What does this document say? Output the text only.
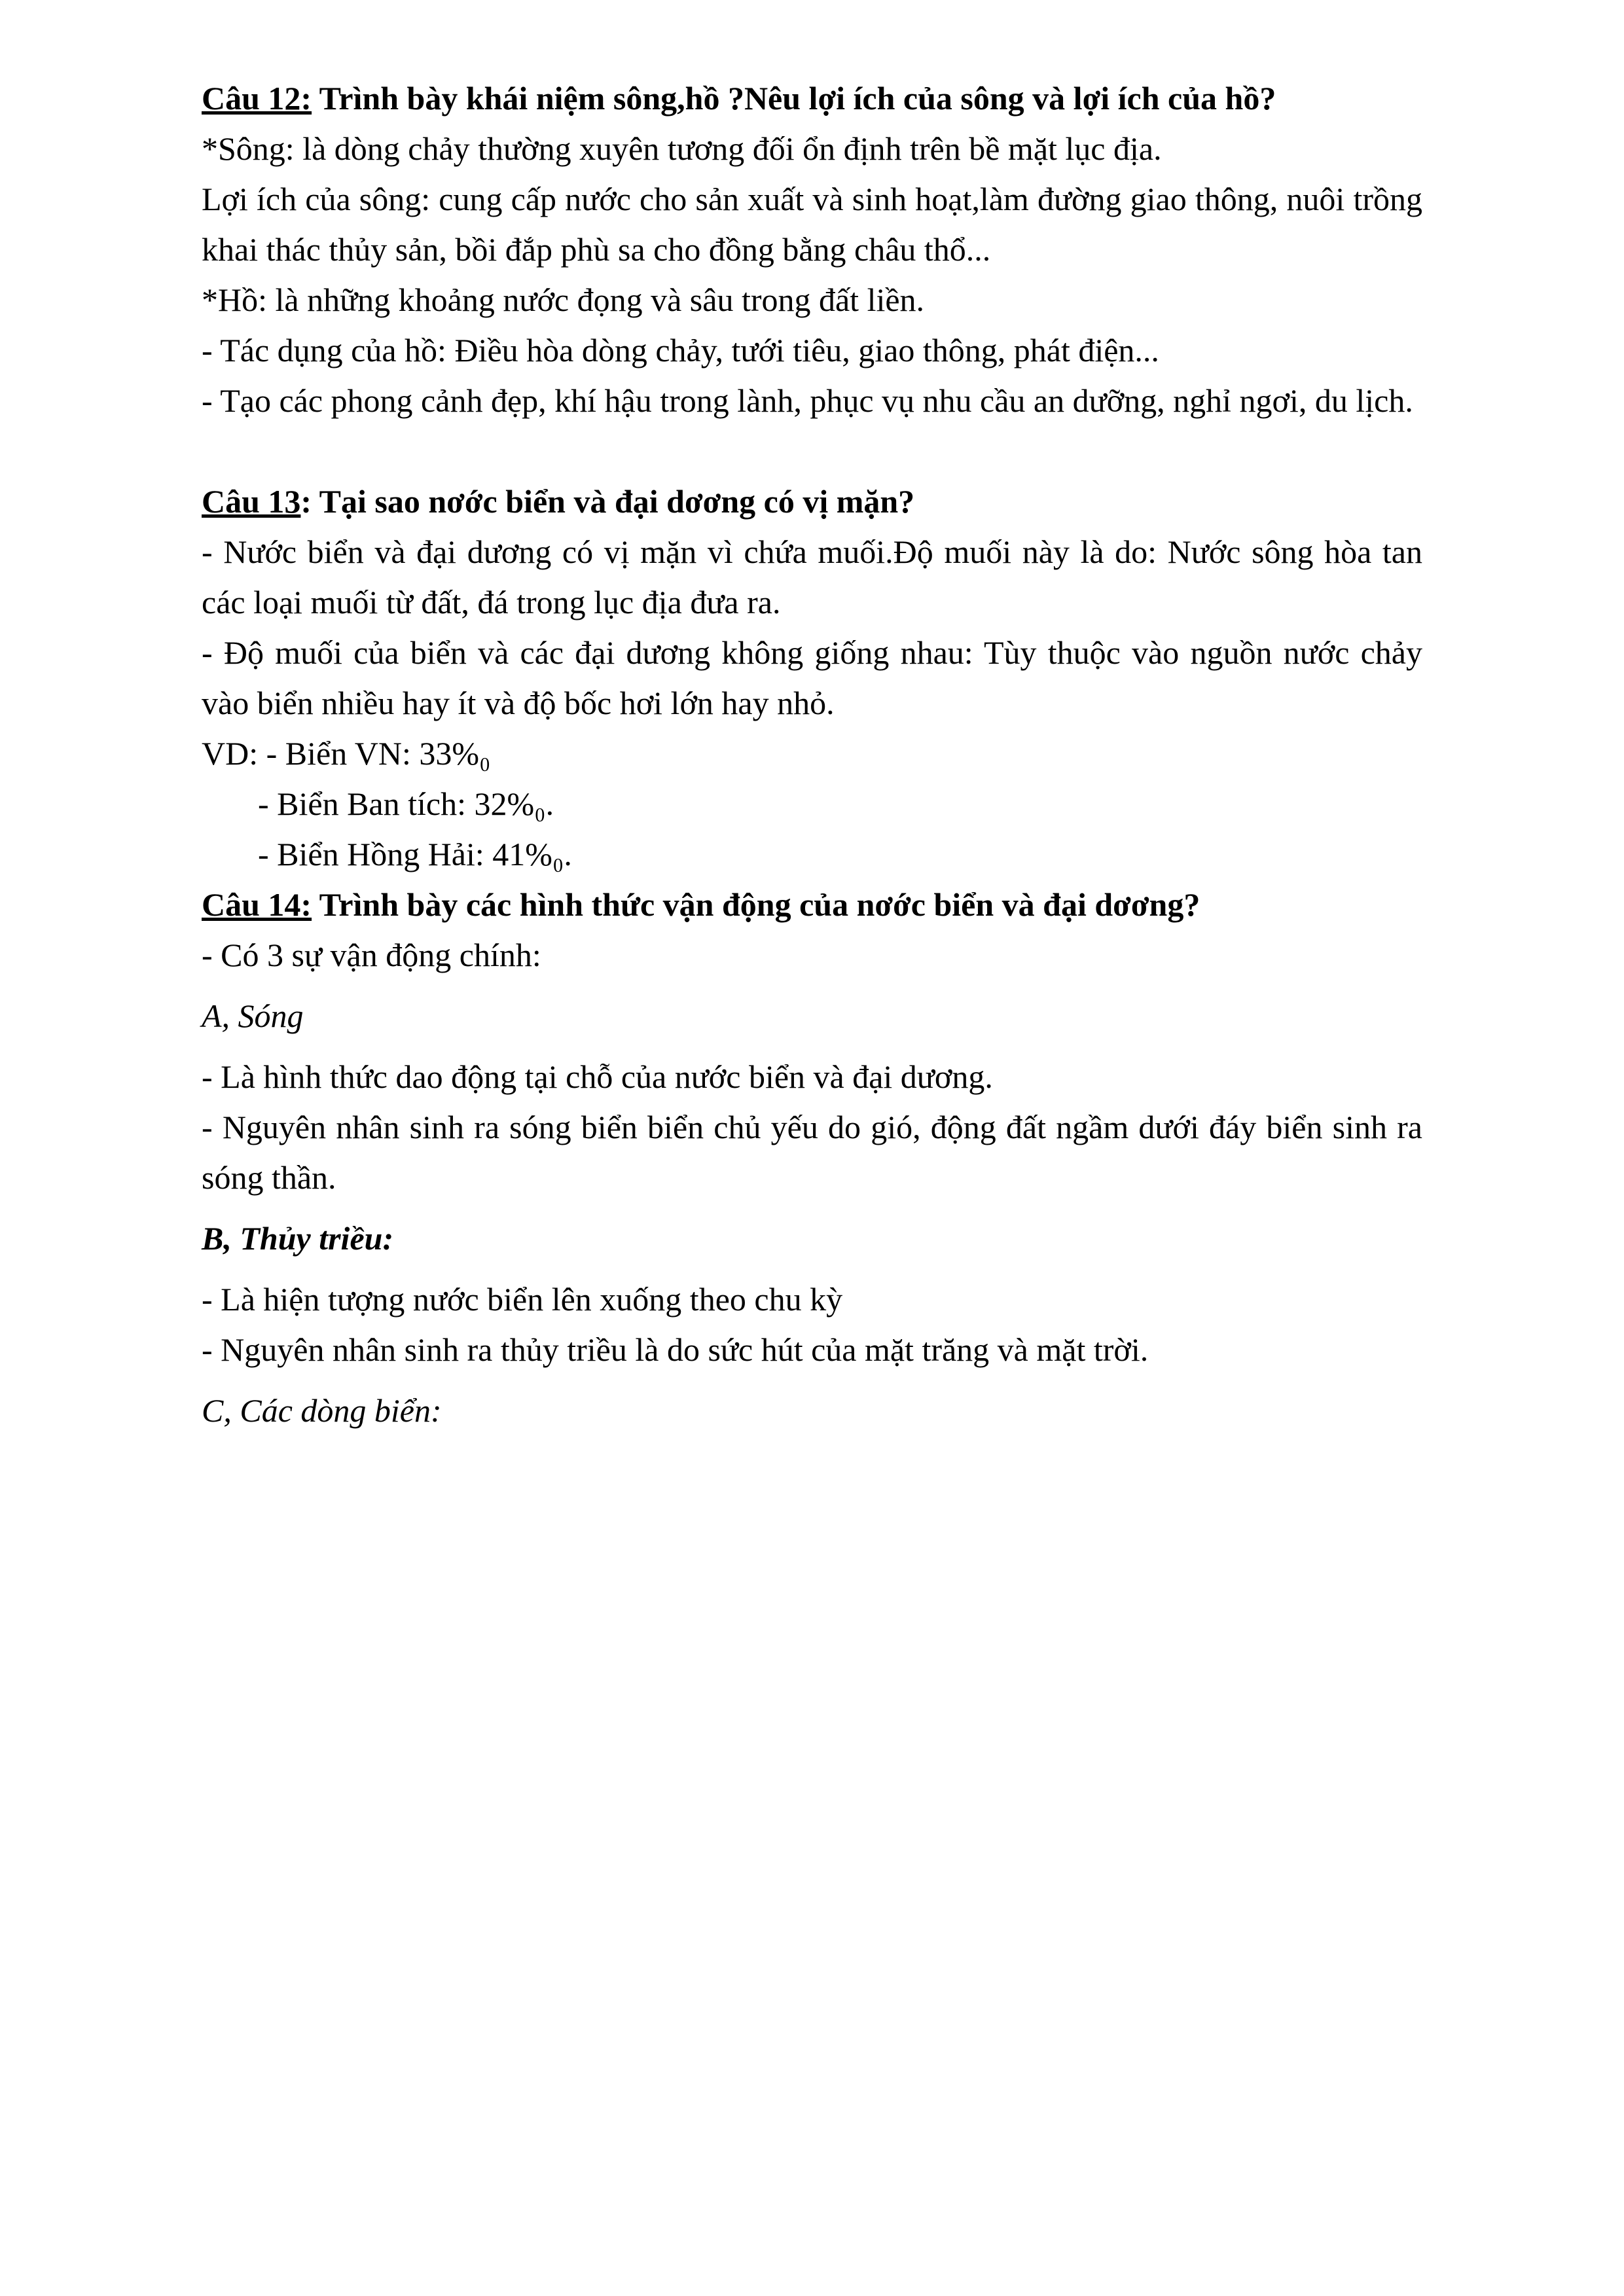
Câu 12: Trình bày khái niệm sông,hồ ?Nêu lợi ích của sông và lợi ích của hồ?

*Sông: là dòng chảy thường xuyên tương đối ổn định trên bề mặt lục địa.

Lợi ích của sông: cung cấp nước cho sản xuất và sinh hoạt,làm đường giao thông, nuôi trồng khai thác thủy sản, bồi đắp phù sa cho đồng bằng châu thổ...

*Hồ: là những khoảng nước đọng và sâu trong đất liền.

- Tác dụng của hồ: Điều hòa dòng chảy, tưới tiêu, giao thông, phát điện...

- Tạo các phong cảnh đẹp, khí hậu trong lành, phục vụ nhu cầu an dưỡng, nghỉ ngơi, du lịch.

Câu 13: Tại sao nơớc biển và đại dơơng có vị mặn?

- Nước biển và đại dương có vị mặn vì chứa muối.Độ muối này là do: Nước sông hòa tan các loại muối từ đất, đá trong lục địa đưa ra.

- Độ muối của biển và các đại dương không giống nhau: Tùy thuộc vào nguồn nước chảy vào biển nhiều hay ít và độ bốc hơi lớn hay nhỏ.

VD: - Biển VN: 33%₀

- Biển Ban tích: 32%₀.

- Biển Hồng Hải: 41%₀.

Câu 14: Trình bày các hình thức vận động của nơớc biển và đại dơơng?

- Có 3 sự vận động chính:

A, Sóng

- Là hình thức dao động tại chỗ của nước biển và đại dương.

- Nguyên nhân sinh ra sóng biển biển chủ yếu do gió, động đất ngầm dưới đáy biển sinh ra sóng thần.

B, Thủy triều:

- Là hiện tượng nước biển lên xuống theo chu kỳ

- Nguyên nhân sinh ra thủy triều là do sức hút của mặt trăng và mặt trời.

C, Các dòng biển:
